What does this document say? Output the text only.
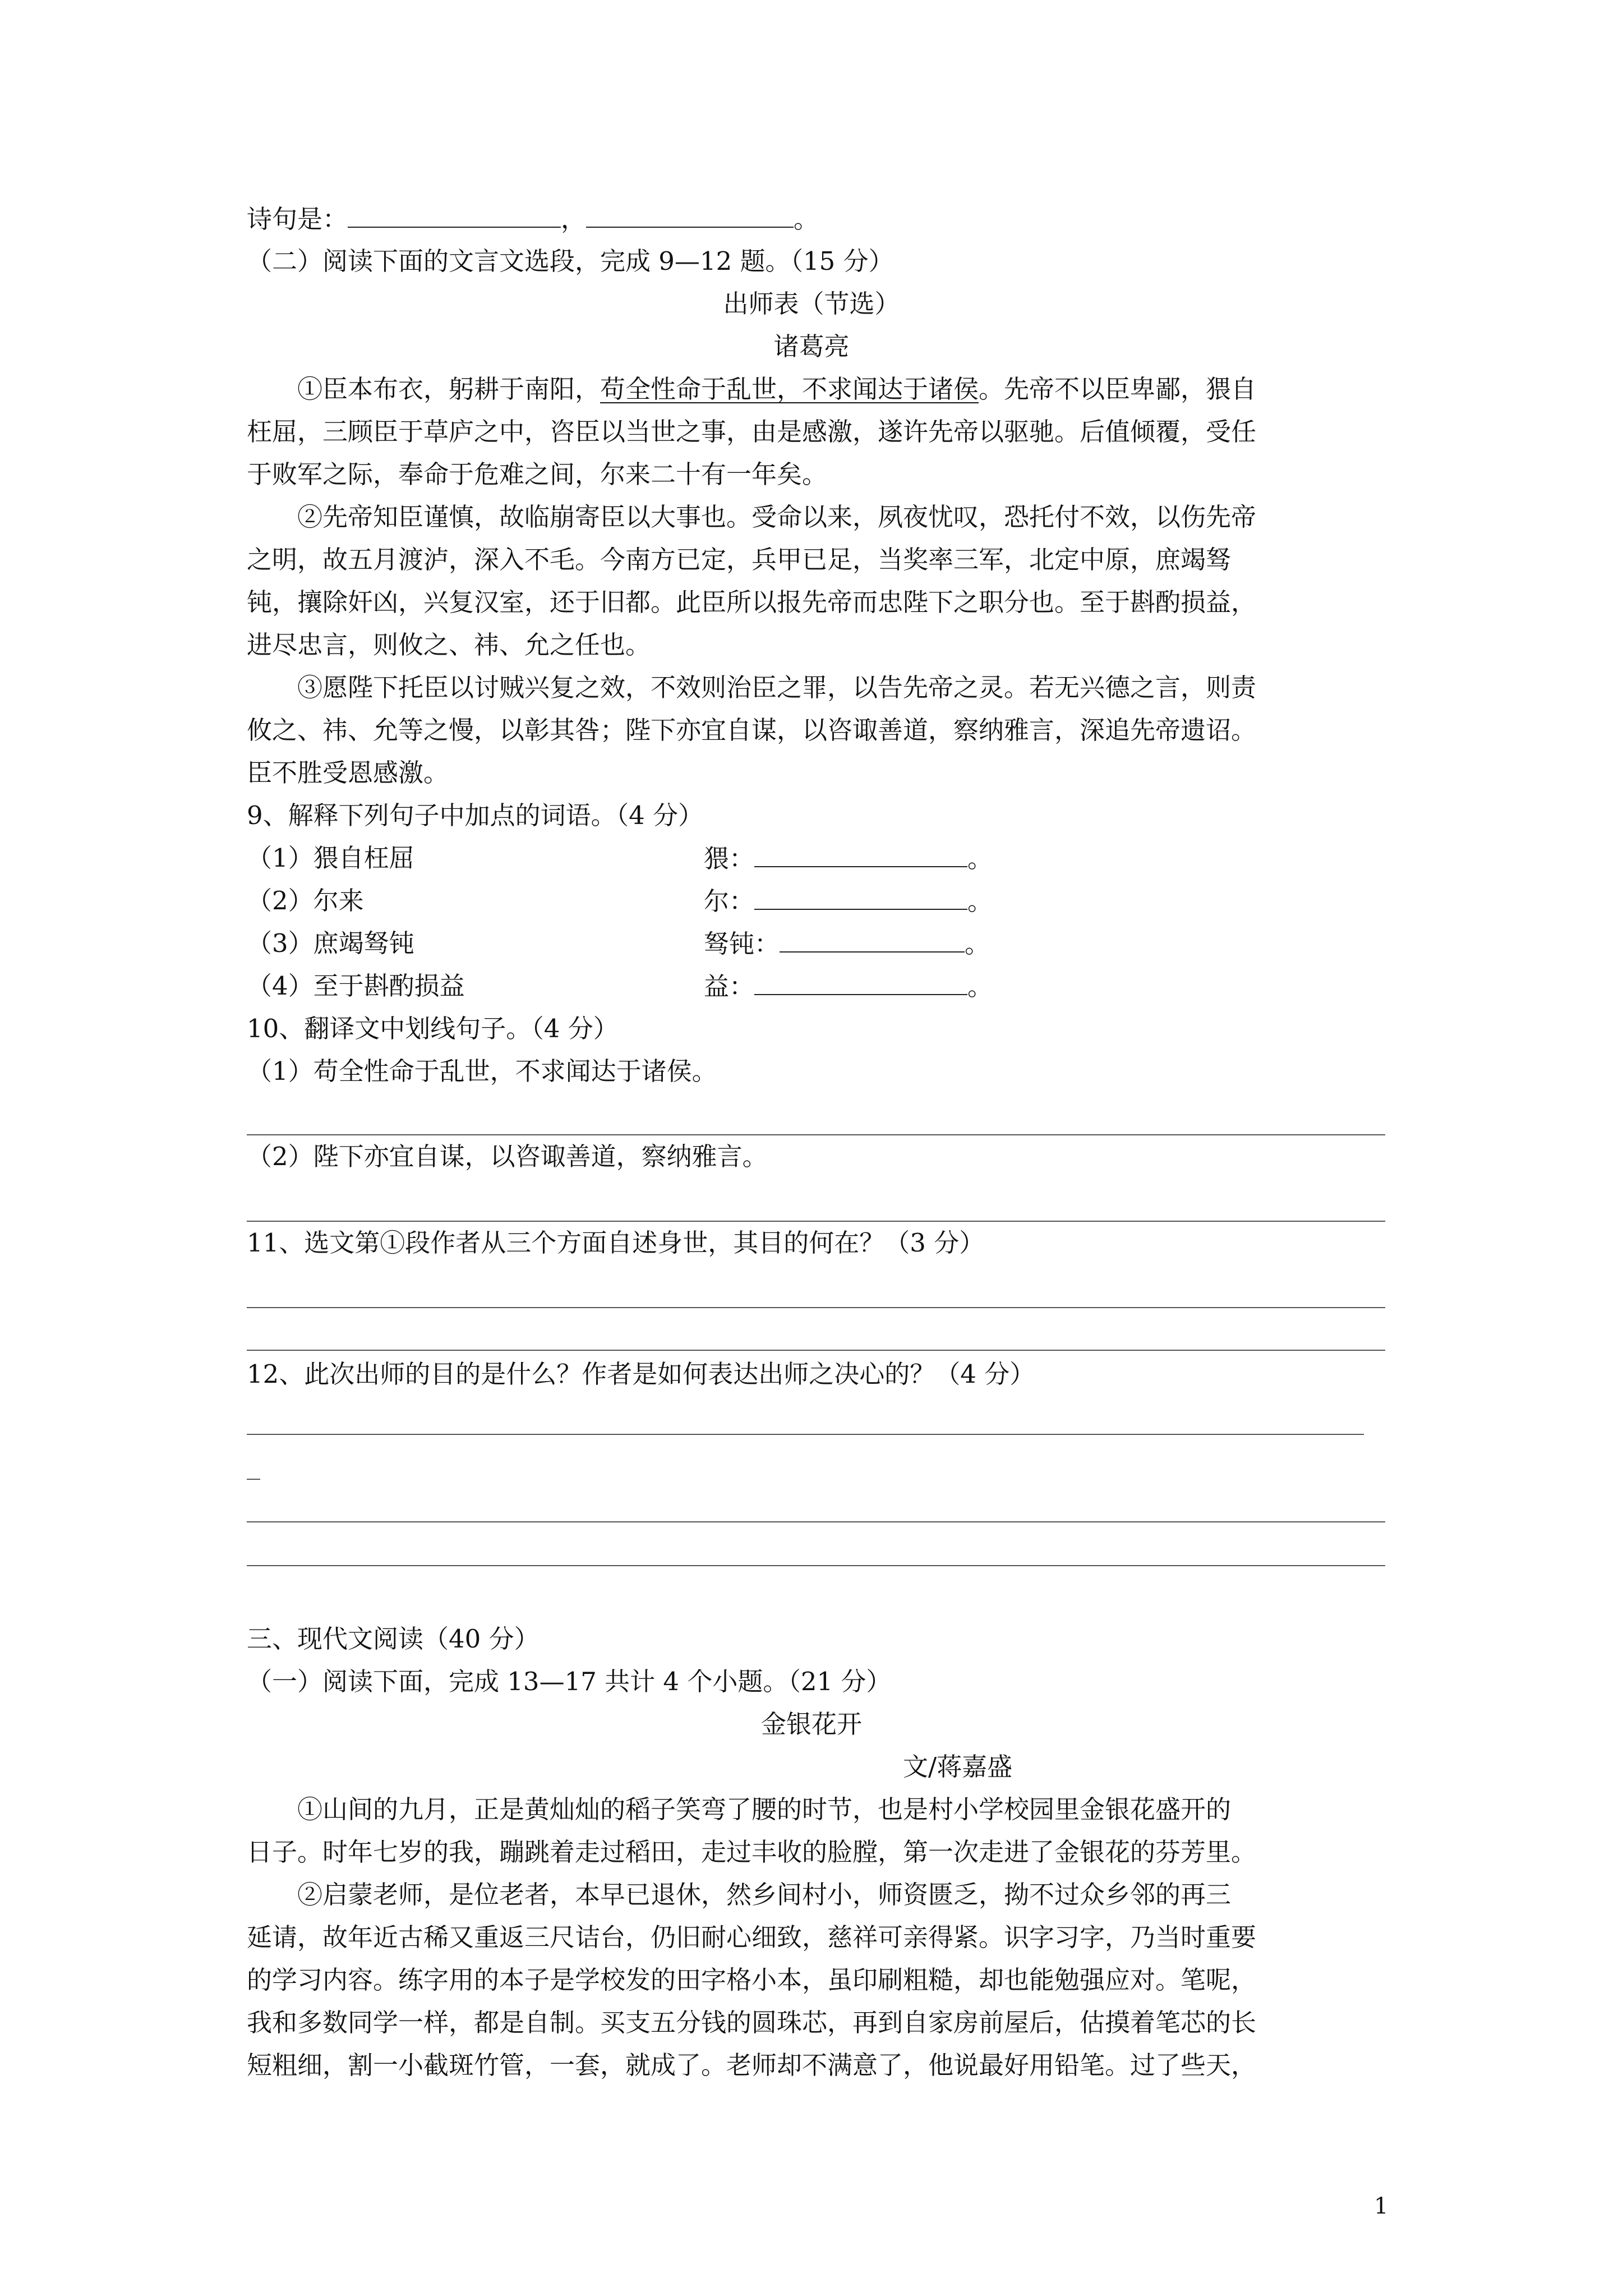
诗句是：	，	。
（二）阅读下面的文言文选段，完成 9—12 题。（15 分）
出师表（节选）
诸葛亮
①臣本布衣，躬耕于南阳，苟全性命于乱世，不求闻达于诸侯。先帝不以臣卑鄙，猥自
枉屈，三顾臣于草庐之中，咨臣以当世之事，由是感激，遂许先帝以驱驰。后值倾覆，受任
于败军之际，奉命于危难之间，尔来二十有一年矣。
②先帝知臣谨慎，故临崩寄臣以大事也。受命以来，夙夜忧叹，恐托付不效，以伤先帝
之明，故五月渡泸，深入不毛。今南方已定，兵甲已足，当奖率三军，北定中原，庶竭驽
钝，攘除奸凶，兴复汉室，还于旧都。此臣所以报先帝而忠陛下之职分也。至于斟酌损益，
进尽忠言，则攸之、祎、允之任也。
③愿陛下托臣以讨贼兴复之效，不效则治臣之罪，以告先帝之灵。若无兴德之言，则责
攸之、祎、允等之慢，以彰其咎；陛下亦宜自谋，以咨诹善道，察纳雅言，深追先帝遗诏。
臣不胜受恩感激。
9、解释下列句子中加点的词语。（4 分）
（1）猥自枉屈	猥：	。
（2）尔来	尔：	。
（3）庶竭驽钝	驽钝：	。
（4）至于斟酌损益	益：	。
10、翻译文中划线句子。（4 分）
（1）苟全性命于乱世，不求闻达于诸侯。
（2）陛下亦宜自谋，以咨诹善道，察纳雅言。
11、选文第①段作者从三个方面自述身世，其目的何在？（3 分）
12、此次出师的目的是什么？作者是如何表达出师之决心的？（4 分）
三、现代文阅读（40 分）
（一）阅读下面，完成 13—17 共计 4 个小题。（21 分）
金银花开
文/蒋嘉盛
①山间的九月，正是黄灿灿的稻子笑弯了腰的时节，也是村小学校园里金银花盛开的
日子。时年七岁的我，蹦跳着走过稻田，走过丰收的脸膛，第一次走进了金银花的芬芳里。
②启蒙老师，是位老者，本早已退休，然乡间村小，师资匮乏，拗不过众乡邻的再三
延请，故年近古稀又重返三尺诘台，仍旧耐心细致，慈祥可亲得紧。识字习字，乃当时重要
的学习内容。练字用的本子是学校发的田字格小本，虽印刷粗糙，却也能勉强应对。笔呢，
我和多数同学一样，都是自制。买支五分钱的圆珠芯，再到自家房前屋后，估摸着笔芯的长
短粗细，割一小截斑竹管，一套，就成了。老师却不满意了，他说最好用铅笔。过了些天，
1
